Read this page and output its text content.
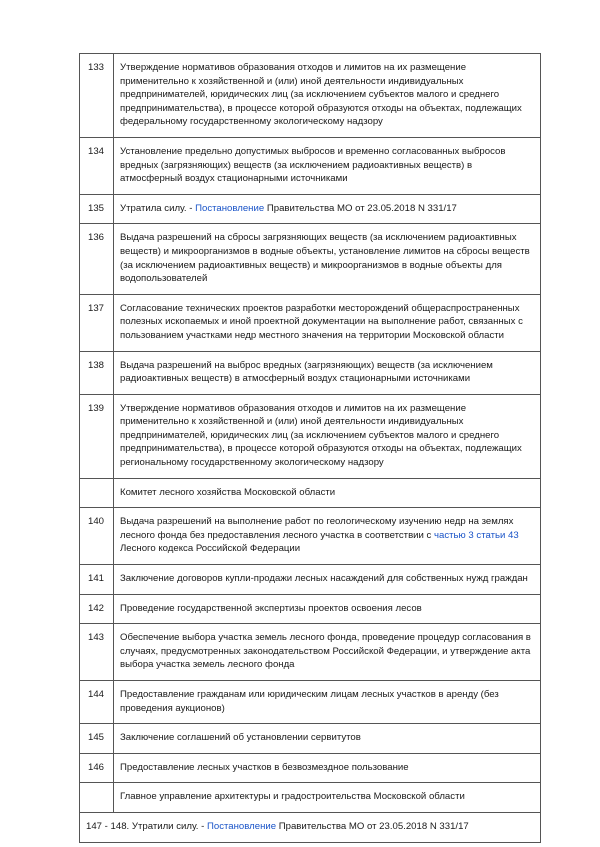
133	Утверждение нормативов образования отходов и лимитов на их размещение применительно к хозяйственной и (или) иной деятельности индивидуальных предпринимателей, юридических лиц (за исключением субъектов малого и среднего предпринимательства), в процессе которой образуются отходы на объектах, подлежащих федеральному государственному экологическому надзору
134	Установление предельно допустимых выбросов и временно согласованных выбросов вредных (загрязняющих) веществ (за исключением радиоактивных веществ) в атмосферный воздух стационарными источниками
135	Утратила силу. - Постановление Правительства МО от 23.05.2018 N 331/17
136	Выдача разрешений на сбросы загрязняющих веществ (за исключением радиоактивных веществ) и микроорганизмов в водные объекты, установление лимитов на сбросы веществ (за исключением радиоактивных веществ) и микроорганизмов в водные объекты для водопользователей
137	Согласование технических проектов разработки месторождений общераспространенных полезных ископаемых и иной проектной документации на выполнение работ, связанных с пользованием участками недр местного значения на территории Московской области
138	Выдача разрешений на выброс вредных (загрязняющих) веществ (за исключением радиоактивных веществ) в атмосферный воздух стационарными источниками
139	Утверждение нормативов образования отходов и лимитов на их размещение применительно к хозяйственной и (или) иной деятельности индивидуальных предпринимателей, юридических лиц (за исключением субъектов малого и среднего предпринимательства), в процессе которой образуются отходы на объектах, подлежащих региональному государственному экологическому надзору
	Комитет лесного хозяйства Московской области
140	Выдача разрешений на выполнение работ по геологическому изучению недр на землях лесного фонда без предоставления лесного участка в соответствии с частью 3 статьи 43 Лесного кодекса Российской Федерации
141	Заключение договоров купли-продажи лесных насаждений для собственных нужд граждан
142	Проведение государственной экспертизы проектов освоения лесов
143	Обеспечение выбора участка земель лесного фонда, проведение процедур согласования в случаях, предусмотренных законодательством Российской Федерации, и утверждение акта выбора участка земель лесного фонда
144	Предоставление гражданам или юридическим лицам лесных участков в аренду (без проведения аукционов)
145	Заключение соглашений об установлении сервитутов
146	Предоставление лесных участков в безвозмездное пользование
	Главное управление архитектуры и градостроительства Московской области
147 - 148. Утратили силу. - Постановление Правительства МО от 23.05.2018 N 331/17	
